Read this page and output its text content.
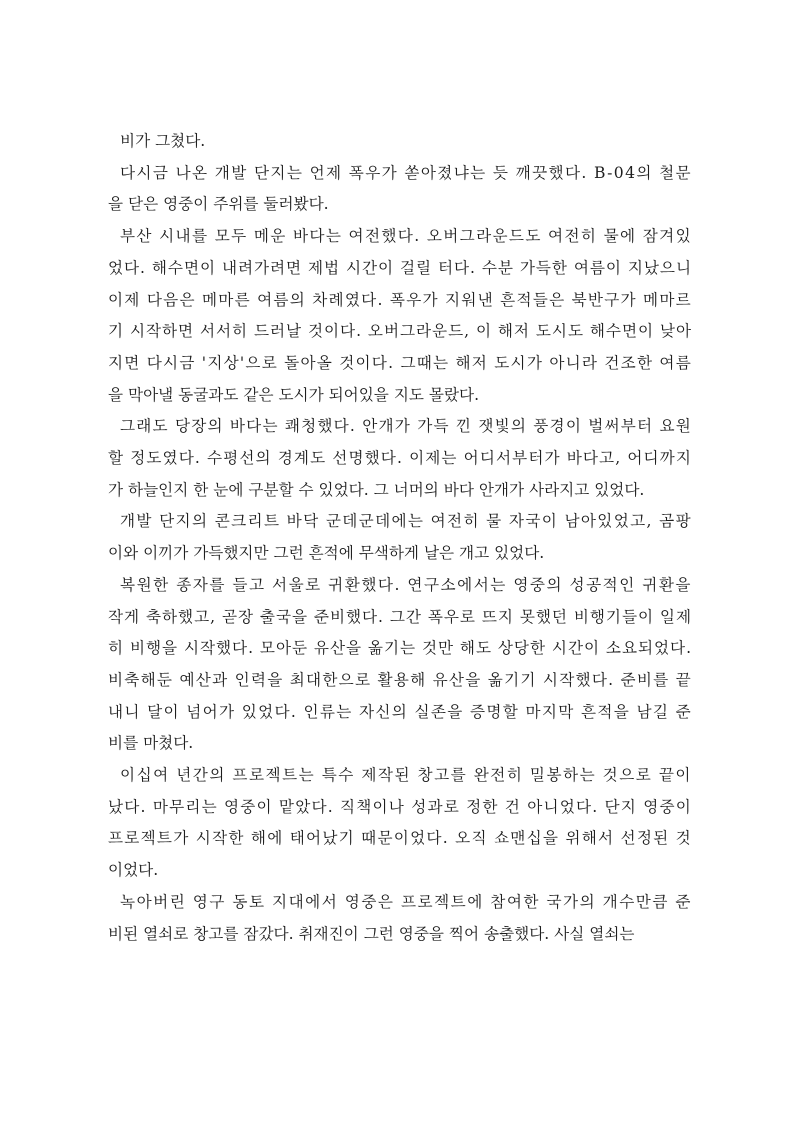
비가 그쳤다.

다시금 나온 개발 단지는 언제 폭우가 쏟아졌냐는 듯 깨끗했다. B-04의 철문
을 닫은 영중이 주위를 둘러봤다.

부산 시내를 모두 메운 바다는 여전했다. 오버그라운드도 여전히 물에 잠겨있
었다. 해수면이 내려가려면 제법 시간이 걸릴 터다. 수분 가득한 여름이 지났으니
이제 다음은 메마른 여름의 차례였다. 폭우가 지워낸 흔적들은 북반구가 메마르
기 시작하면 서서히 드러날 것이다. 오버그라운드, 이 해저 도시도 해수면이 낮아
지면 다시금 '지상'으로 돌아올 것이다. 그때는 해저 도시가 아니라 건조한 여름
을 막아낼 동굴과도 같은 도시가 되어있을 지도 몰랐다.

그래도 당장의 바다는 쾌청했다. 안개가 가득 낀 잿빛의 풍경이 벌써부터 요원
할 정도였다. 수평선의 경계도 선명했다. 이제는 어디서부터가 바다고, 어디까지
가 하늘인지 한 눈에 구분할 수 있었다. 그 너머의 바다 안개가 사라지고 있었다.

개발 단지의 콘크리트 바닥 군데군데에는 여전히 물 자국이 남아있었고, 곰팡
이와 이끼가 가득했지만 그런 흔적에 무색하게 날은 개고 있었다.

복원한 종자를 들고 서울로 귀환했다. 연구소에서는 영중의 성공적인 귀환을
작게 축하했고, 곧장 출국을 준비했다. 그간 폭우로 뜨지 못했던 비행기들이 일제
히 비행을 시작했다. 모아둔 유산을 옮기는 것만 해도 상당한 시간이 소요되었다.
비축해둔 예산과 인력을 최대한으로 활용해 유산을 옮기기 시작했다. 준비를 끝
내니 달이 넘어가 있었다. 인류는 자신의 실존을 증명할 마지막 흔적을 남길 준
비를 마쳤다.

이십여 년간의 프로젝트는 특수 제작된 창고를 완전히 밀봉하는 것으로 끝이
났다. 마무리는 영중이 맡았다. 직책이나 성과로 정한 건 아니었다. 단지 영중이
프로젝트가 시작한 해에 태어났기 때문이었다. 오직 쇼맨십을 위해서 선정된 것
이었다.

녹아버린 영구 동토 지대에서 영중은 프로젝트에 참여한 국가의 개수만큼 준
비된 열쇠로 창고를 잠갔다. 취재진이 그런 영중을 찍어 송출했다. 사실 열쇠는
